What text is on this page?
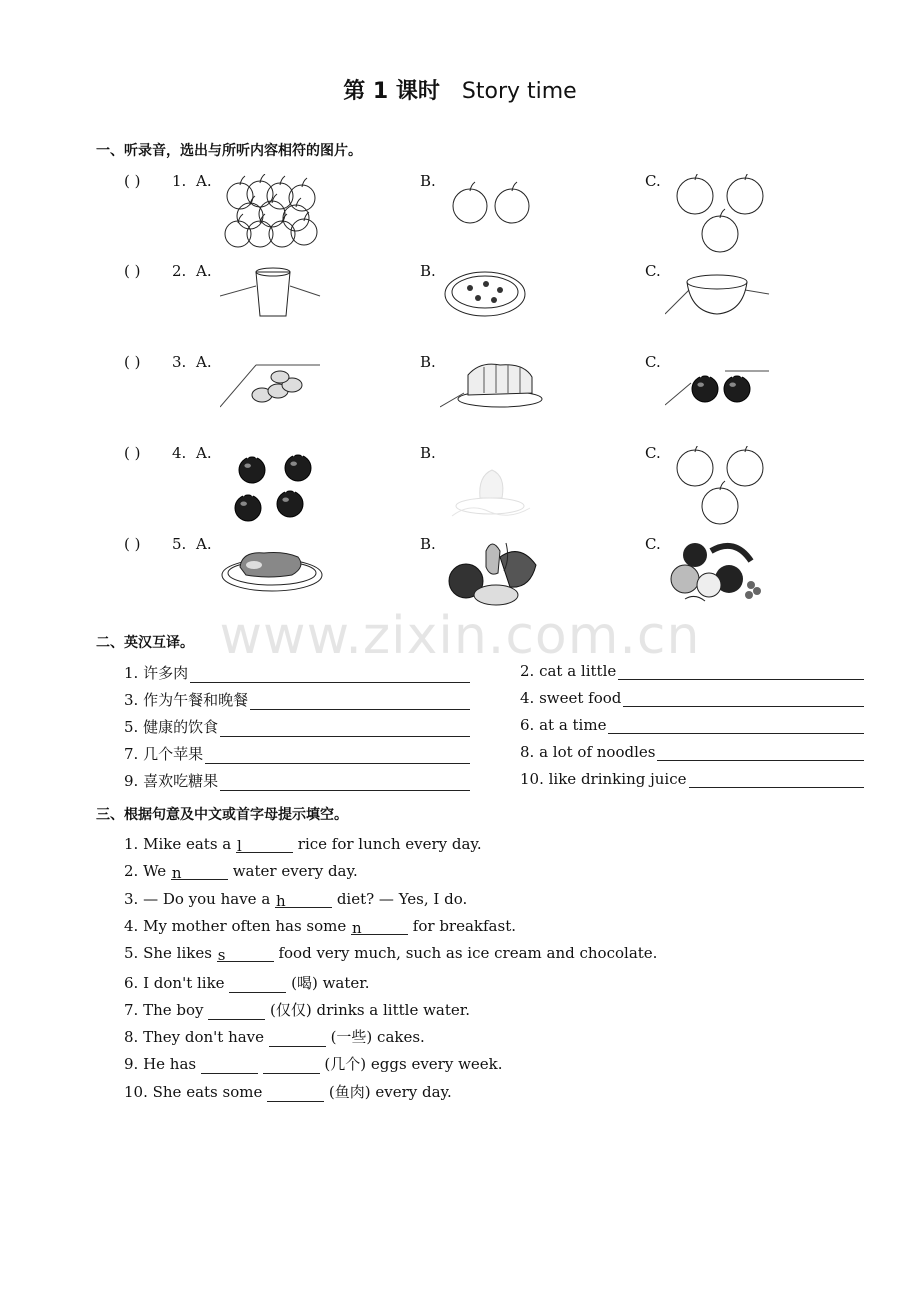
第 1 课时 Story time
一、听录音，选出与所听内容相符的图片。
( ) 1. A.	B.	C.
( ) 2. A.	B.	C.
( ) 3. A.	B.	C.
( ) 4. A.	B.	C.
( ) 5. A.	B.	C.
www.zixin.com.cn
二、英汉互译。
1. 许多肉	2. cat a little
3. 作为午餐和晚餐	4. sweet food
5. 健康的饮食	6. at a time
7. 几个苹果	8. a lot of noodles
9. 喜欢吃糖果	10. like drinking juice
三、根据句意及中文或首字母提示填空。
1. Mike eats a l	rice for lunch every day.
2. We n	water every day.
3. — Do you have a h	diet? — Yes, I do.
4. My mother often has some n	for breakfast.
5. She likes s	food very much, such as ice cream and chocolate.
6. I don't like	(喝) water.
7. The boy	(仅仅) drinks a little water.
8. They don't have	(一些) cakes.
9. He has	(几个) eggs every week.
10. She eats some	(鱼肉) every day.
